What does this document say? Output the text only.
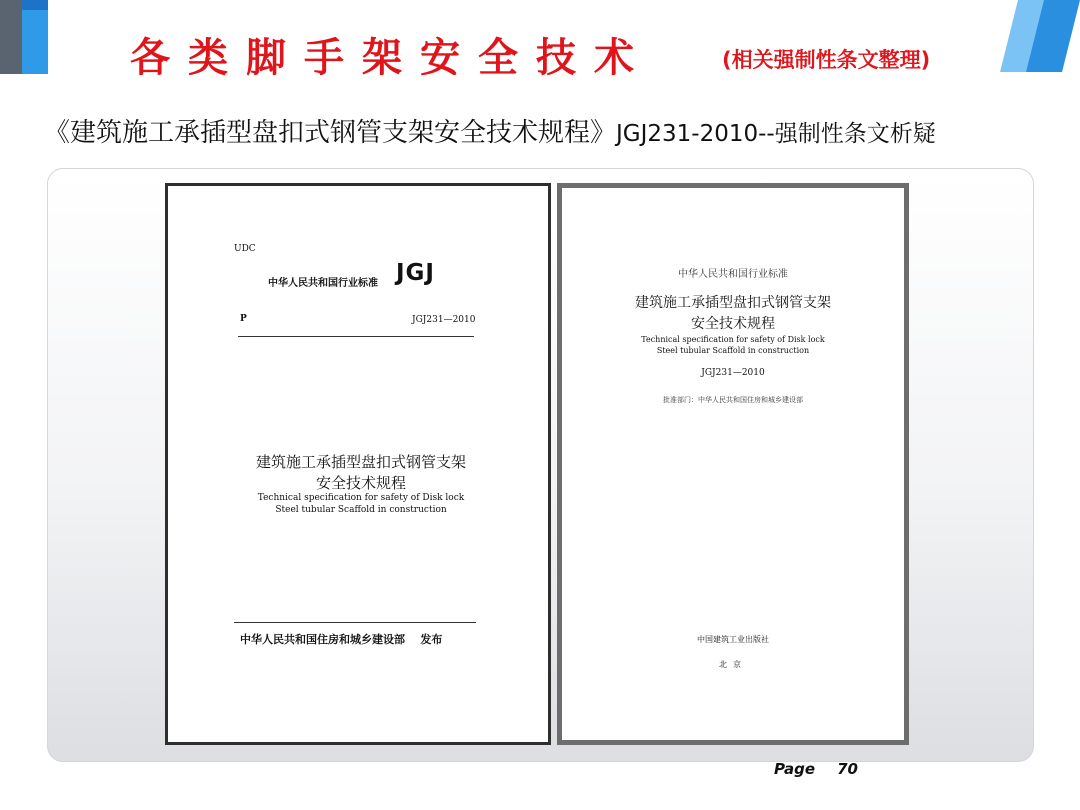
各类脚手架安全技术	(相关强制性条文整理)
《建筑施工承插型盘扣式钢管支架安全技术规程》JGJ231-2010--强制性条文析疑
UDC
中华人民共和国行业标准 JGJ
P	JGJ231—2010
建筑施工承插型盘扣式钢管支架
安全技术规程
Technical specification for safety of Disk lock
Steel tubular Scaffold in construction
中华人民共和国住房和城乡建设部 发布
中华人民共和国行业标准
建筑施工承插型盘扣式钢管支架
安全技术规程
Technical specification for safety of Disk lock
Steel tubular Scaffold in construction
JGJ231—2010
批准部门：中华人民共和国住房和城乡建设部
中国建筑工业出版社
北京
Page 70
